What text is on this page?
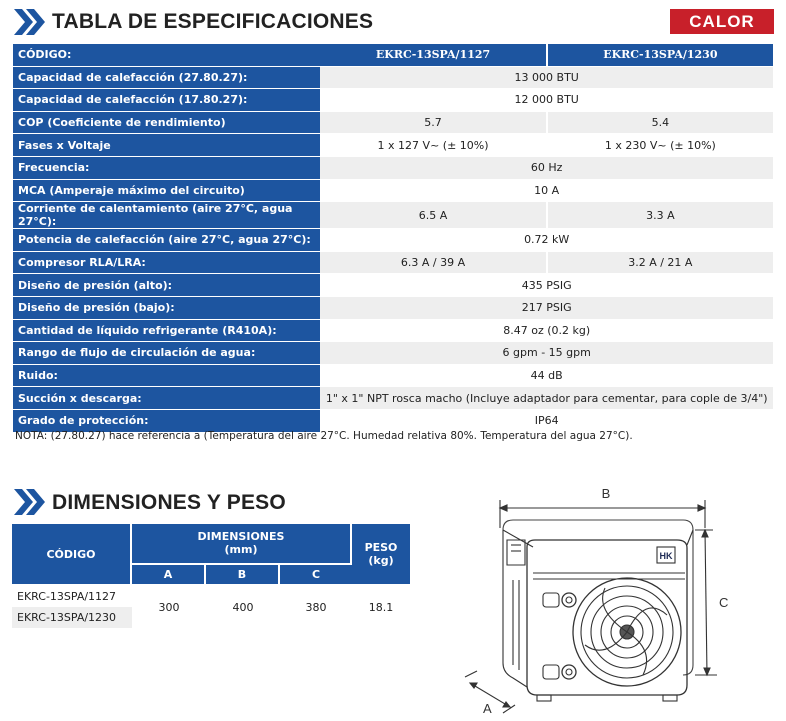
TABLA DE ESPECIFICACIONES	CALOR
CÓDIGO:	EKRC-13SPA/1127	EKRC-13SPA/1230
Capacidad de calefacción (27.80.27):	13 000 BTU	
Capacidad de calefacción (17.80.27):	12 000 BTU	
COP (Coeficiente de rendimiento)	5.7	5.4
Fases x Voltaje	1 x 127 V~ (± 10%)	1 x 230 V~ (± 10%)
Frecuencia:	60 Hz	
MCA (Amperaje máximo del circuito)	10 A	
Corriente de calentamiento (aire 27°C, agua 27°C):	6.5 A	3.3 A
Potencia de calefacción (aire 27°C, agua 27°C):	0.72 kW	
Compresor RLA/LRA:	6.3 A / 39 A	3.2 A / 21 A
Diseño de presión (alto):	435 PSIG	
Diseño de presión (bajo):	217 PSIG	
Cantidad de líquido refrigerante (R410A):	8.47 oz (0.2 kg)	
Rango de flujo de circulación de agua:	6 gpm - 15 gpm	
Ruido:	44 dB	
Succión x descarga:	1" x 1" NPT rosca macho (Incluye adaptador para cementar, para cople de 3/4")	
Grado de protección:	IP64	
NOTA: (27.80.27) hace referencia a (Temperatura del aire 27°C. Humedad relativa 80%. Temperatura del agua 27°C).
DIMENSIONES Y PESO
CÓDIGO	DIMENSIONES
(mm)			PESO
(kg)
	A	B	C	
EKRC-13SPA/1127	300	400	380	18.1
EKRC-13SPA/1230				
HK
B
C
A
